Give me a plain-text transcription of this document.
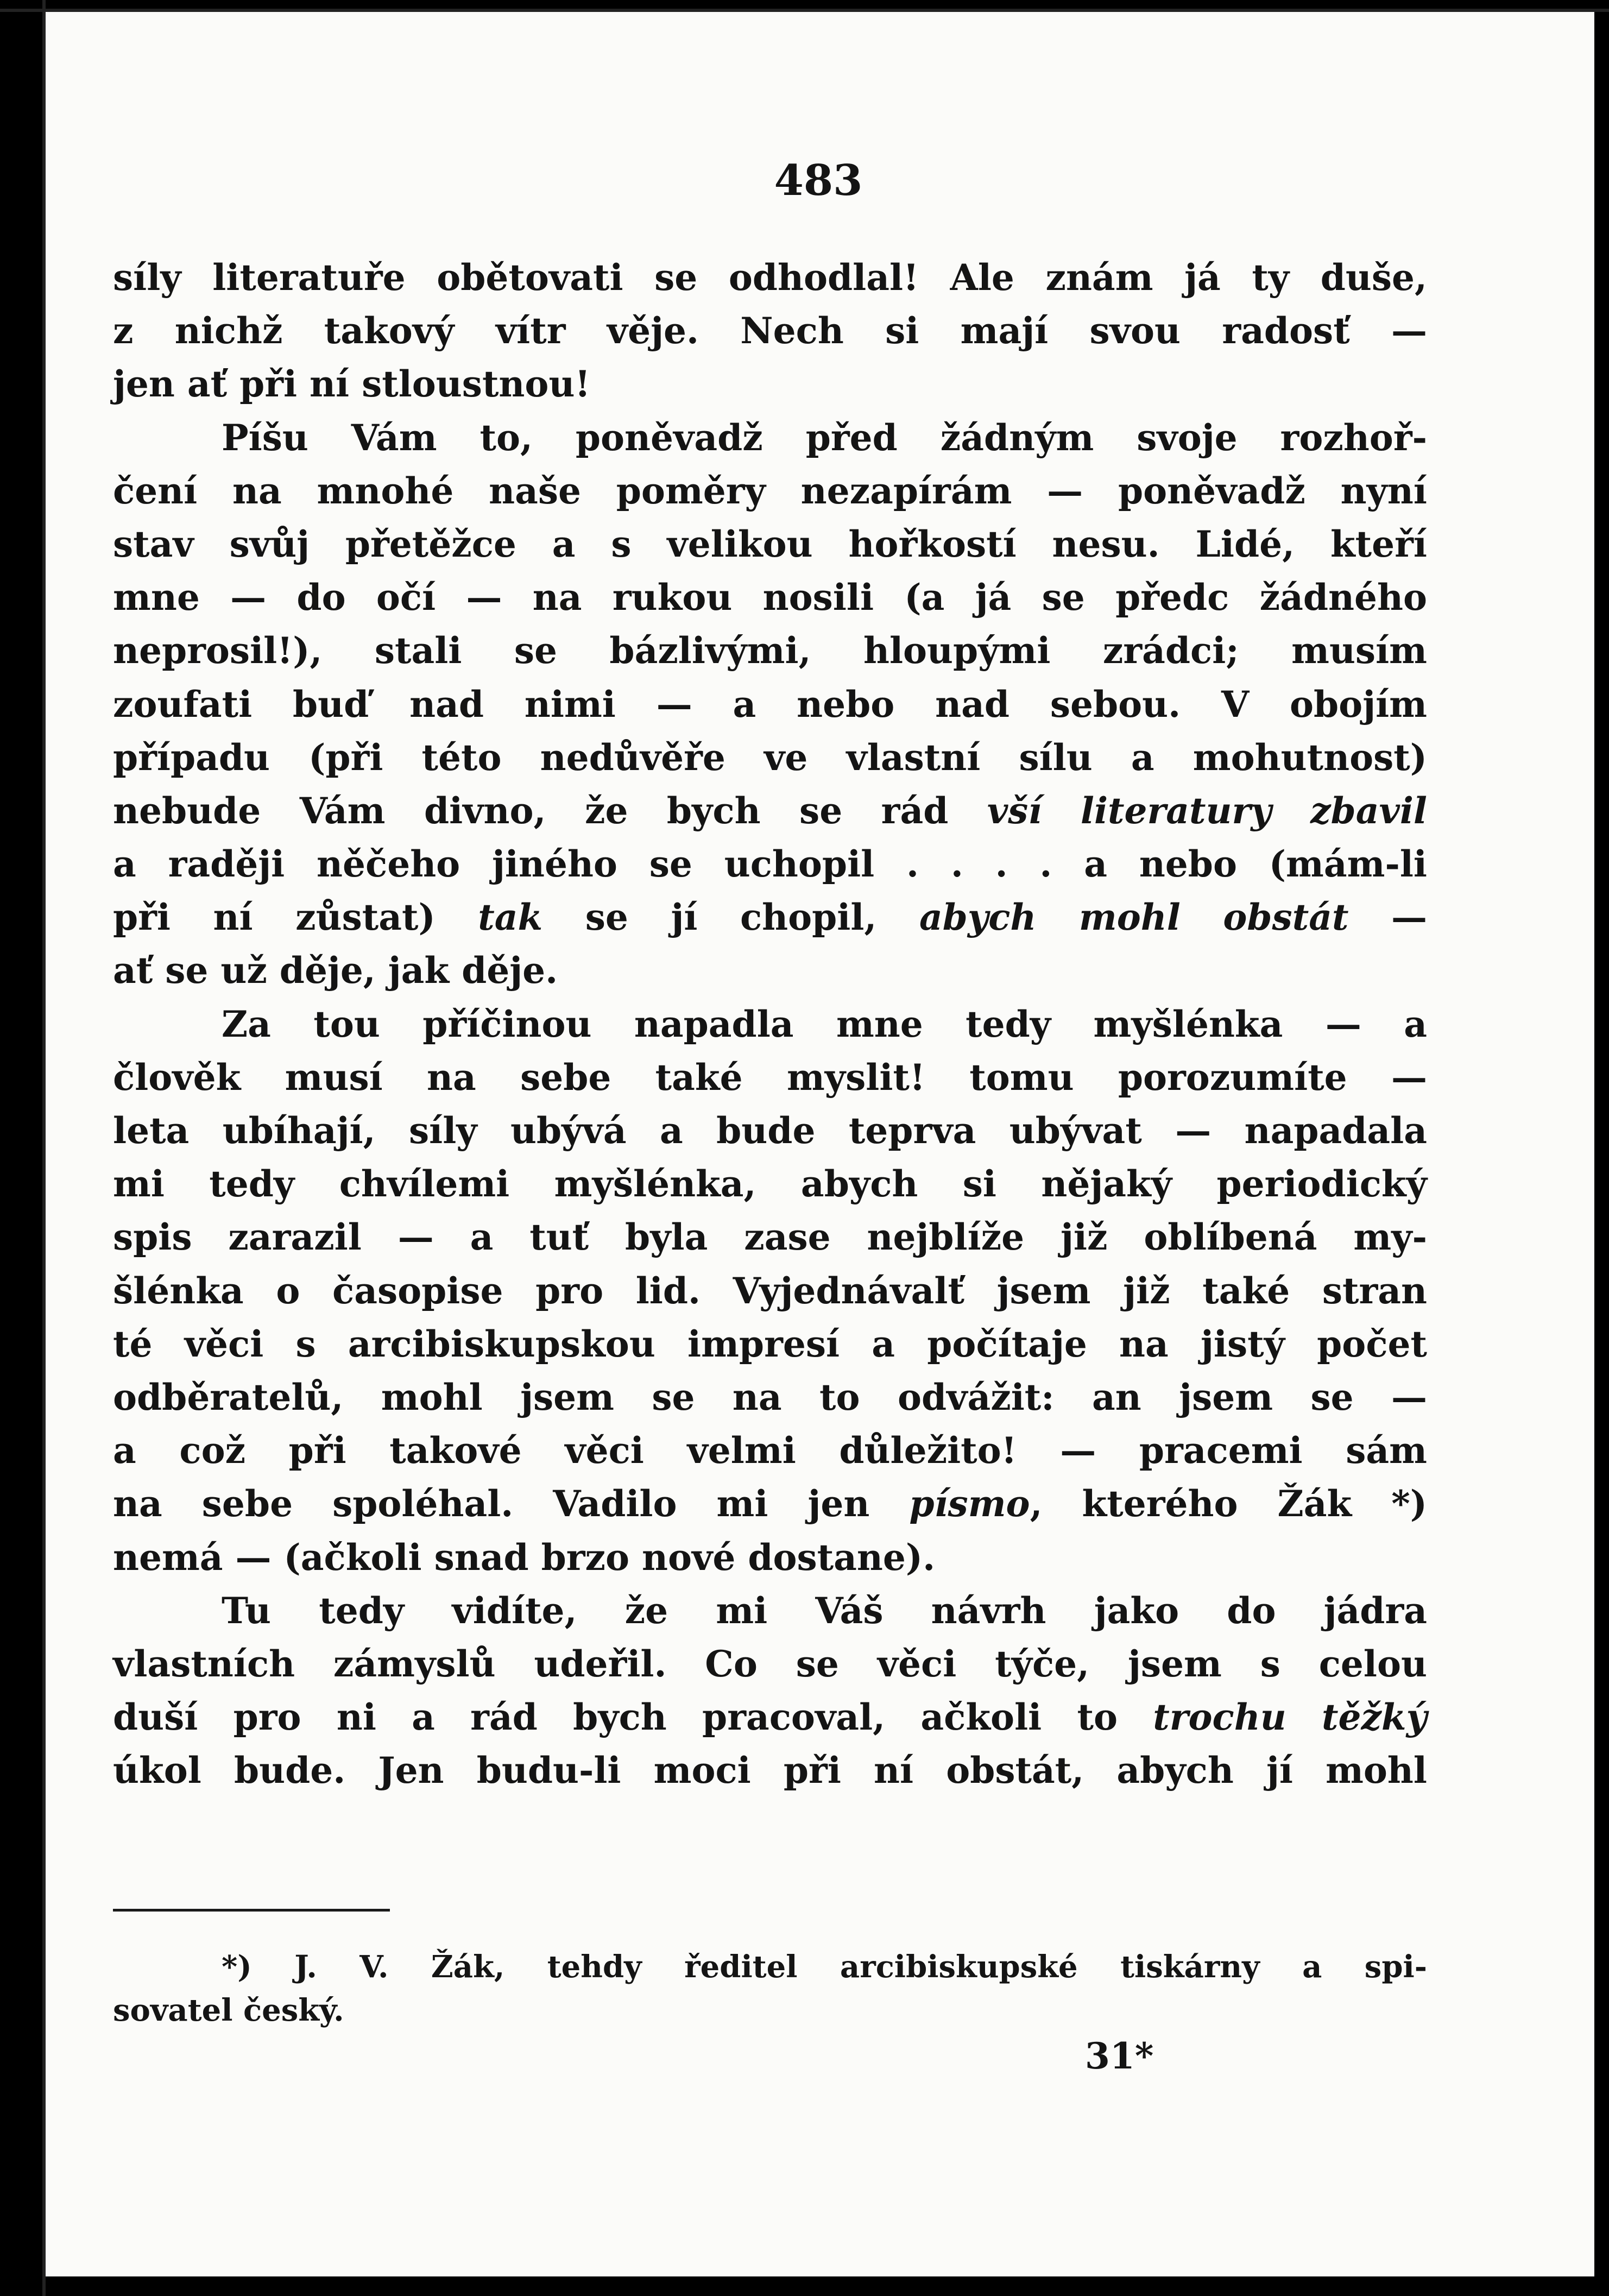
483
síly literatuře obětovati se odhodlal! Ale znám já ty duše,
z nichž takový vítr věje. Nech si mají svou radosť —
jen ať při ní stloustnou!
Píšu Vám to, poněvadž před žádným svoje rozhoř-
čení na mnohé naše poměry nezapírám — poněvadž nyní
stav svůj přetěžce a s velikou hořkostí nesu. Lidé, kteří
mne — do očí — na rukou nosili (a já se předc žádného
neprosil!), stali se bázlivými, hloupými zrádci; musím
zoufati buď nad nimi — a nebo nad sebou. V obojím
případu (při této nedůvěře ve vlastní sílu a mohutnost)
nebude Vám divno, že bych se rád vší literatury zbavil
a raději něčeho jiného se uchopil . . . . a nebo (mám-li
při ní zůstat) tak se jí chopil, abych mohl obstát —
ať se už děje, jak děje.
Za tou příčinou napadla mne tedy myšlénka — a
člověk musí na sebe také myslit! tomu porozumíte —
leta ubíhají, síly ubývá a bude teprva ubývat — napadala
mi tedy chvílemi myšlénka, abych si nějaký periodický
spis zarazil — a tuť byla zase nejblíže již oblíbená my-
šlénka o časopise pro lid. Vyjednávalť jsem již také stran
té věci s arcibiskupskou impresí a počítaje na jistý počet
odběratelů, mohl jsem se na to odvážit: an jsem se —
a což při takové věci velmi důležito! — pracemi sám
na sebe spoléhal. Vadilo mi jen písmo, kterého Žák *)
nemá — (ačkoli snad brzo nové dostane).
Tu tedy vidíte, že mi Váš návrh jako do jádra
vlastních zámyslů udeřil. Co se věci týče, jsem s celou
duší pro ni a rád bych pracoval, ačkoli to trochu těžký
úkol bude. Jen budu-li moci při ní obstát, abych jí mohl
*) J. V. Žák, tehdy ředitel arcibiskupské tiskárny a spi-
sovatel český.
31*
